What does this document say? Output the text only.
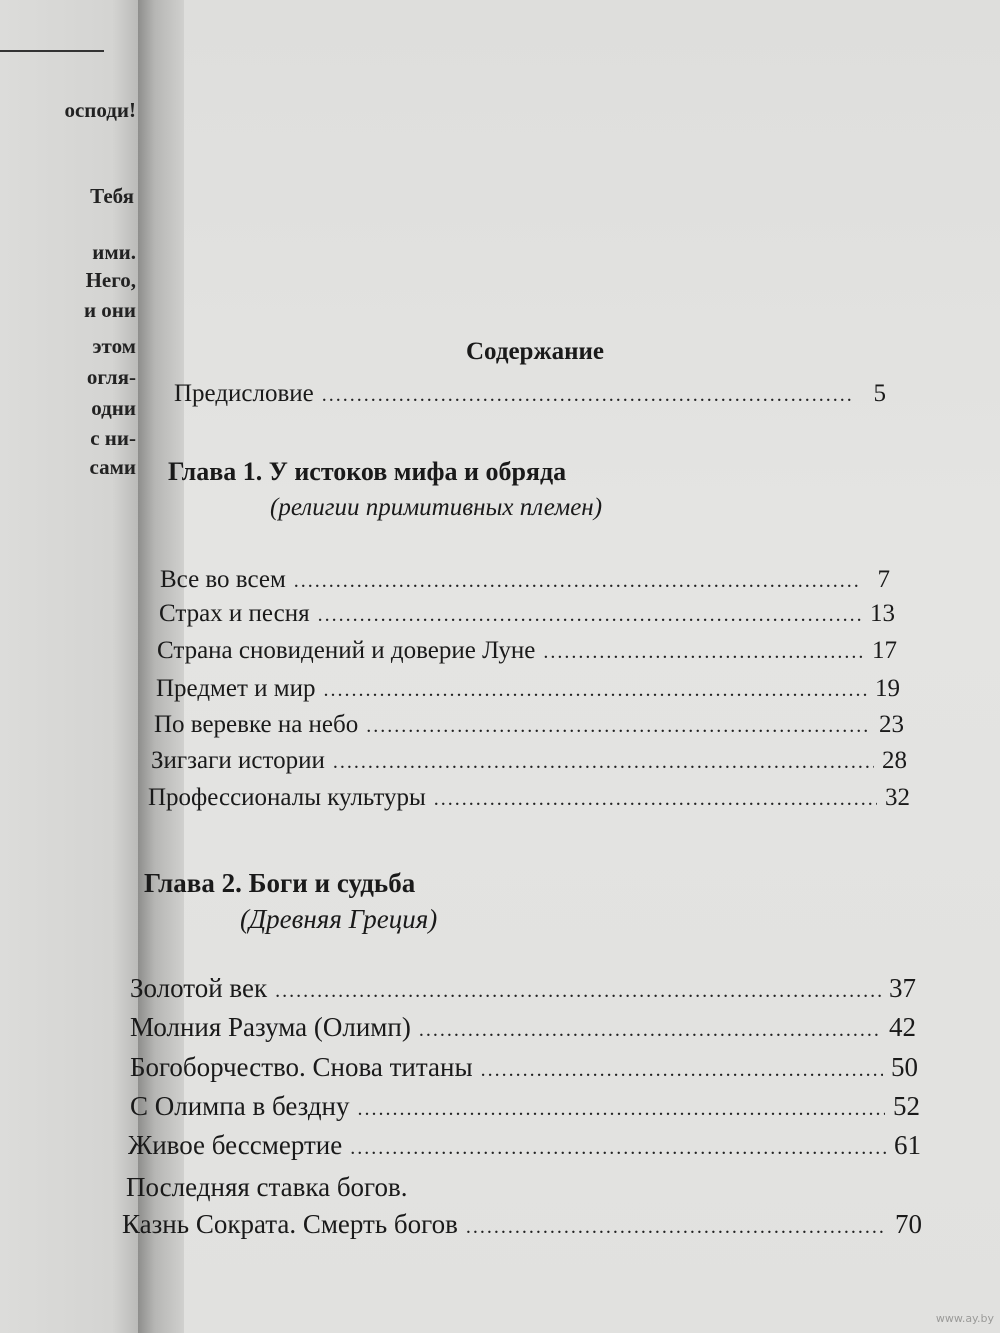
осподи!
Тебя
ими.
Него,
и они
этом
огля-
одни
с ни-
сами
Содержание
Предисловие .....	5
Глава 1. У истоков мифа и обряда
(религии примитивных племен)
Все во всем .....	7
Страх и песня .....	13
Страна сновидений и доверие Луне .....	17
Предмет и мир .....	19
По веревке на небо .....	23
Зигзаги истории .....	28
Профессионалы культуры .....	32
Глава 2. Боги и судьба
(Древняя Греция)
Золотой век .....	37
Молния Разума (Олимп) .....	42
Богоборчество. Снова титаны .....	50
С Олимпа в бездну .....	52
Живое бессмертие .....	61
Последняя ставка богов.
Казнь Сократа. Смерть богов .....	70
www.ay.by
